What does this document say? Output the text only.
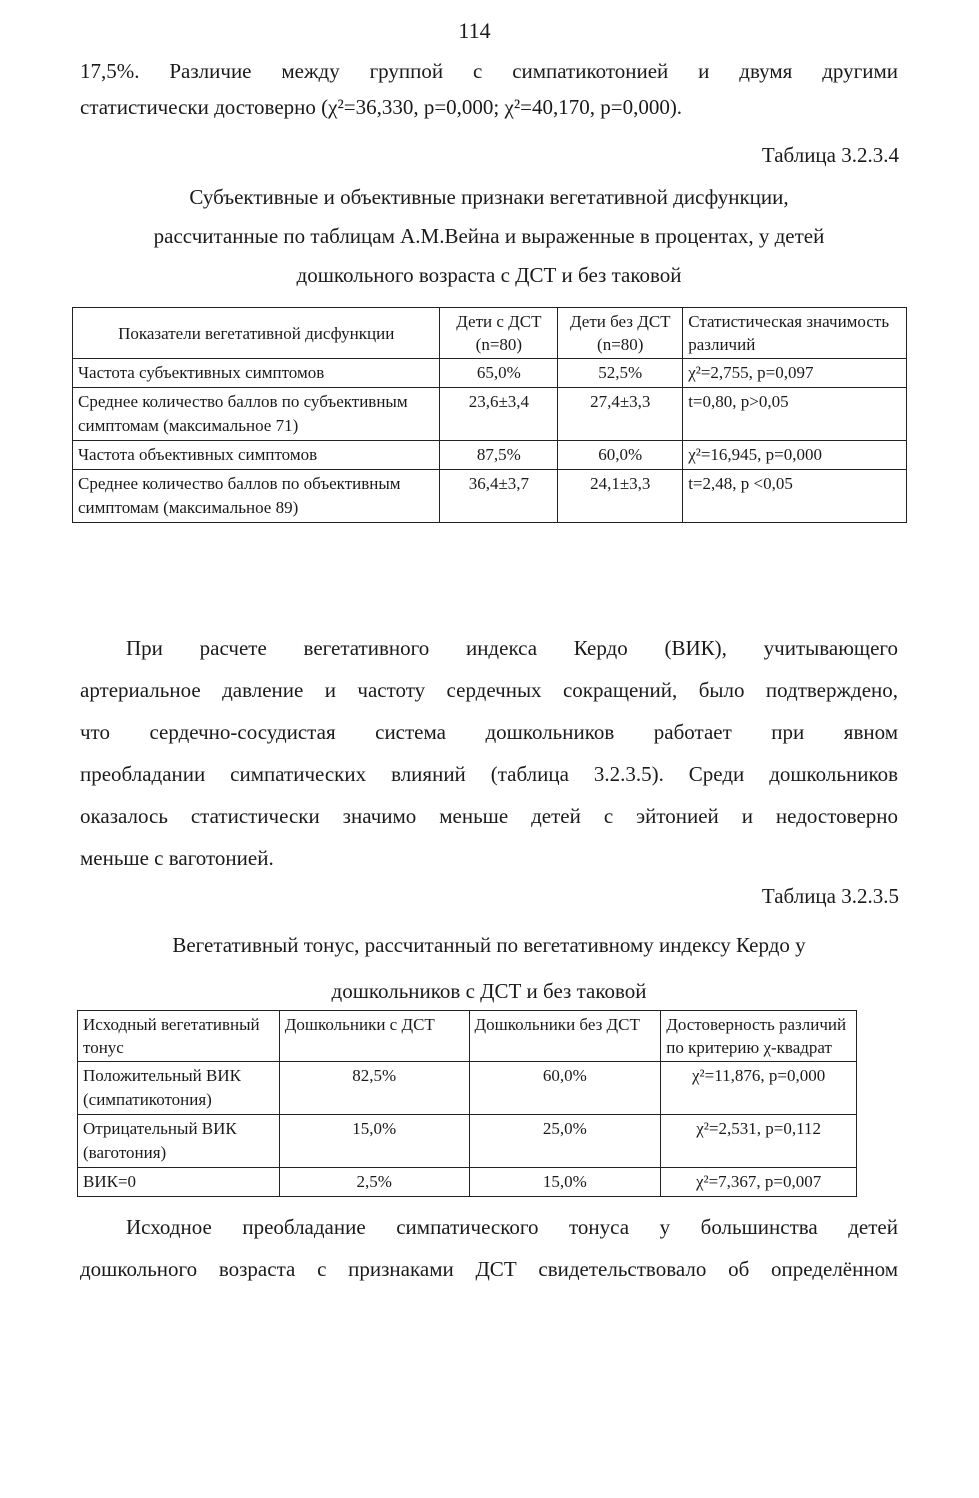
114

17,5%. Различие между группой с симпатикотонией и двумя другими
статистически достоверно (χ²=36,330, р=0,000; χ²=40,170, р=0,000).

Таблица 3.2.3.4

Субъективные и объективные признаки вегетативной дисфункции,
рассчитанные по таблицам А.М.Вейна и выраженные в процентах, у детей
дошкольного возраста с ДСТ и без таковой

Показатели вегетативной дисфункции	Дети с ДСТ (n=80)	Дети без ДСТ (n=80)	Статистическая значимость различий
Частота субъективных симптомов	65,0%	52,5%	χ²=2,755, р=0,097
Среднее количество баллов по субъективным симптомам (максимальное 71)	23,6±3,4	27,4±3,3	t=0,80, р>0,05
Частота объективных симптомов	87,5%	60,0%	χ²=16,945, р=0,000
Среднее количество баллов по объективным симптомам (максимальное 89)	36,4±3,7	24,1±3,3	t=2,48, р <0,05

При расчете вегетативного индекса Кердо (ВИК), учитывающего
артериальное давление и частоту сердечных сокращений, было подтверждено,
что сердечно-сосудистая система дошкольников работает при явном
преобладании симпатических влияний (таблица 3.2.3.5). Среди дошкольников
оказалось статистически значимо меньше детей с эйтонией и недостоверно
меньше с ваготонией.

Таблица 3.2.3.5

Вегетативный тонус, рассчитанный по вегетативному индексу Кердо у
дошкольников с ДСТ и без таковой

Исходный вегетативный тонус	Дошкольники с ДСТ	Дошкольники без ДСТ	Достоверность различий по критерию χ-квадрат
Положительный ВИК (симпатикотония)	82,5%	60,0%	χ²=11,876, р=0,000
Отрицательный ВИК (ваготония)	15,0%	25,0%	χ²=2,531, р=0,112
ВИК=0	2,5%	15,0%	χ²=7,367, р=0,007

Исходное преобладание симпатического тонуса у большинства детей
дошкольного возраста с признаками ДСТ свидетельствовало об определённом
